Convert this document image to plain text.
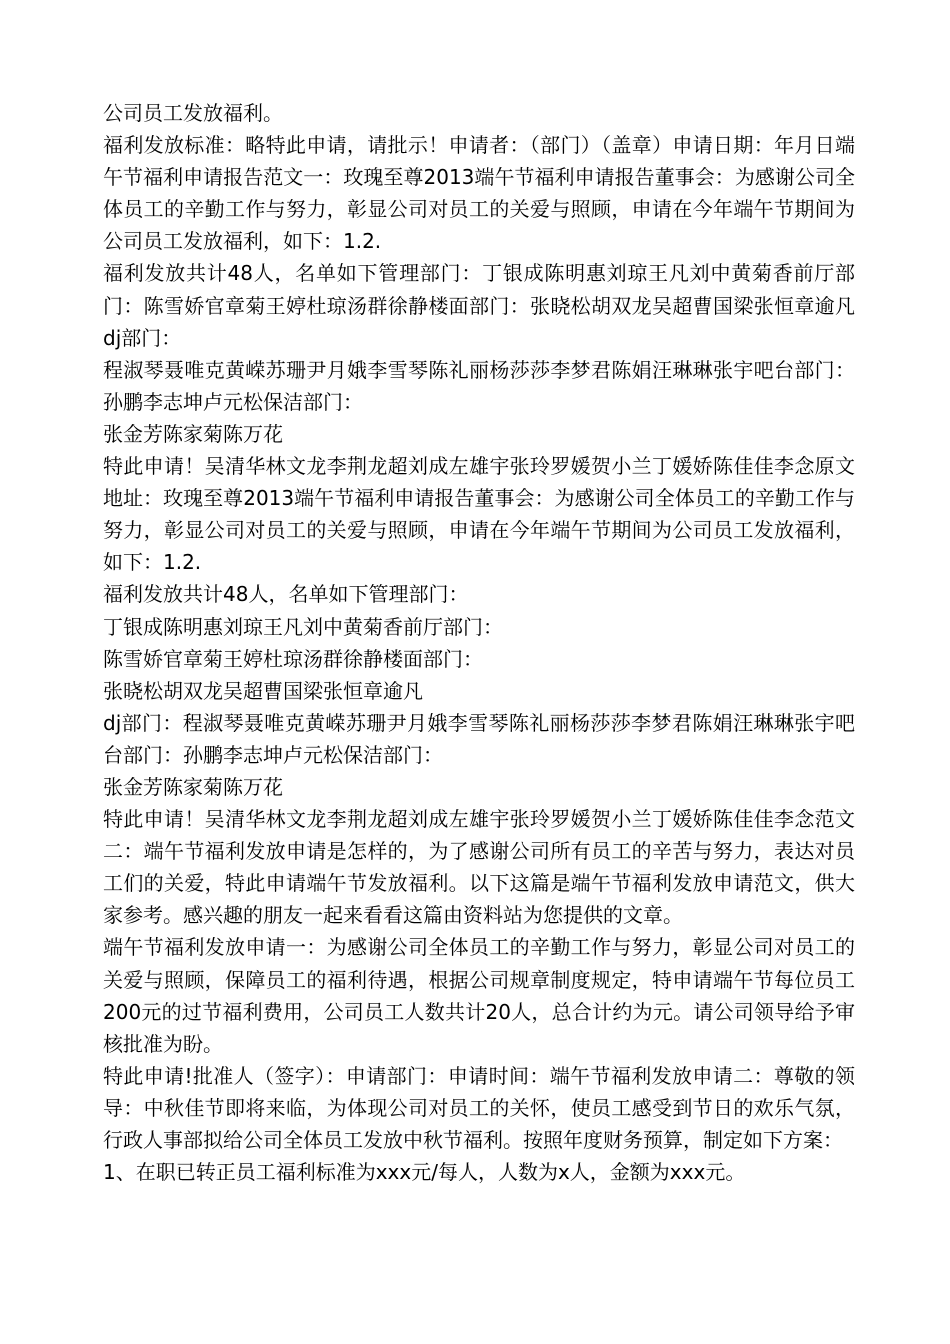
公司员工发放福利。

福利发放标准：略特此申请，请批示！申请者：（部门）（盖章）申请日期：年月日端午节福利申请报告范文一：玫瑰至尊2013端午节福利申请报告董事会：为感谢公司全体员工的辛勤工作与努力，彰显公司对员工的关爱与照顾，申请在今年端午节期间为公司员工发放福利，如下：1.2.

福利发放共计48人，名单如下管理部门：丁银成陈明惠刘琼王凡刘中黄菊香前厅部门：陈雪娇官章菊王婷杜琼汤群徐静楼面部门：张晓松胡双龙吴超曹国梁张恒章逾凡dj部门：

程淑琴聂唯克黄嵘苏珊尹月娥李雪琴陈礼丽杨莎莎李梦君陈娟汪琳琳张宇吧台部门：孙鹏李志坤卢元松保洁部门：

张金芳陈家菊陈万花

特此申请！吴清华林文龙李荆龙超刘成左雄宇张玲罗媛贺小兰丁媛娇陈佳佳李念原文地址：玫瑰至尊2013端午节福利申请报告董事会：为感谢公司全体员工的辛勤工作与努力，彰显公司对员工的关爱与照顾，申请在今年端午节期间为公司员工发放福利，如下：1.2.

福利发放共计48人，名单如下管理部门：

丁银成陈明惠刘琼王凡刘中黄菊香前厅部门：

陈雪娇官章菊王婷杜琼汤群徐静楼面部门：

张晓松胡双龙吴超曹国梁张恒章逾凡

dj部门：程淑琴聂唯克黄嵘苏珊尹月娥李雪琴陈礼丽杨莎莎李梦君陈娟汪琳琳张宇吧台部门：孙鹏李志坤卢元松保洁部门：

张金芳陈家菊陈万花

特此申请！吴清华林文龙李荆龙超刘成左雄宇张玲罗媛贺小兰丁媛娇陈佳佳李念范文二：端午节福利发放申请是怎样的，为了感谢公司所有员工的辛苦与努力，表达对员工们的关爱，特此申请端午节发放福利。以下这篇是端午节福利发放申请范文，供大家参考。感兴趣的朋友一起来看看这篇由资料站为您提供的文章。

端午节福利发放申请一：为感谢公司全体员工的辛勤工作与努力，彰显公司对员工的关爱与照顾，保障员工的福利待遇，根据公司规章制度规定，特申请端午节每位员工200元的过节福利费用，公司员工人数共计20人，总合计约为元。请公司领导给予审核批准为盼。

特此申请!批准人（签字）：申请部门：申请时间：端午节福利发放申请二：尊敬的领导：中秋佳节即将来临，为体现公司对员工的关怀，使员工感受到节日的欢乐气氛，行政人事部拟给公司全体员工发放中秋节福利。按照年度财务预算，制定如下方案：

1、在职已转正员工福利标准为xxx元/每人，人数为x人，金额为xxx元。
